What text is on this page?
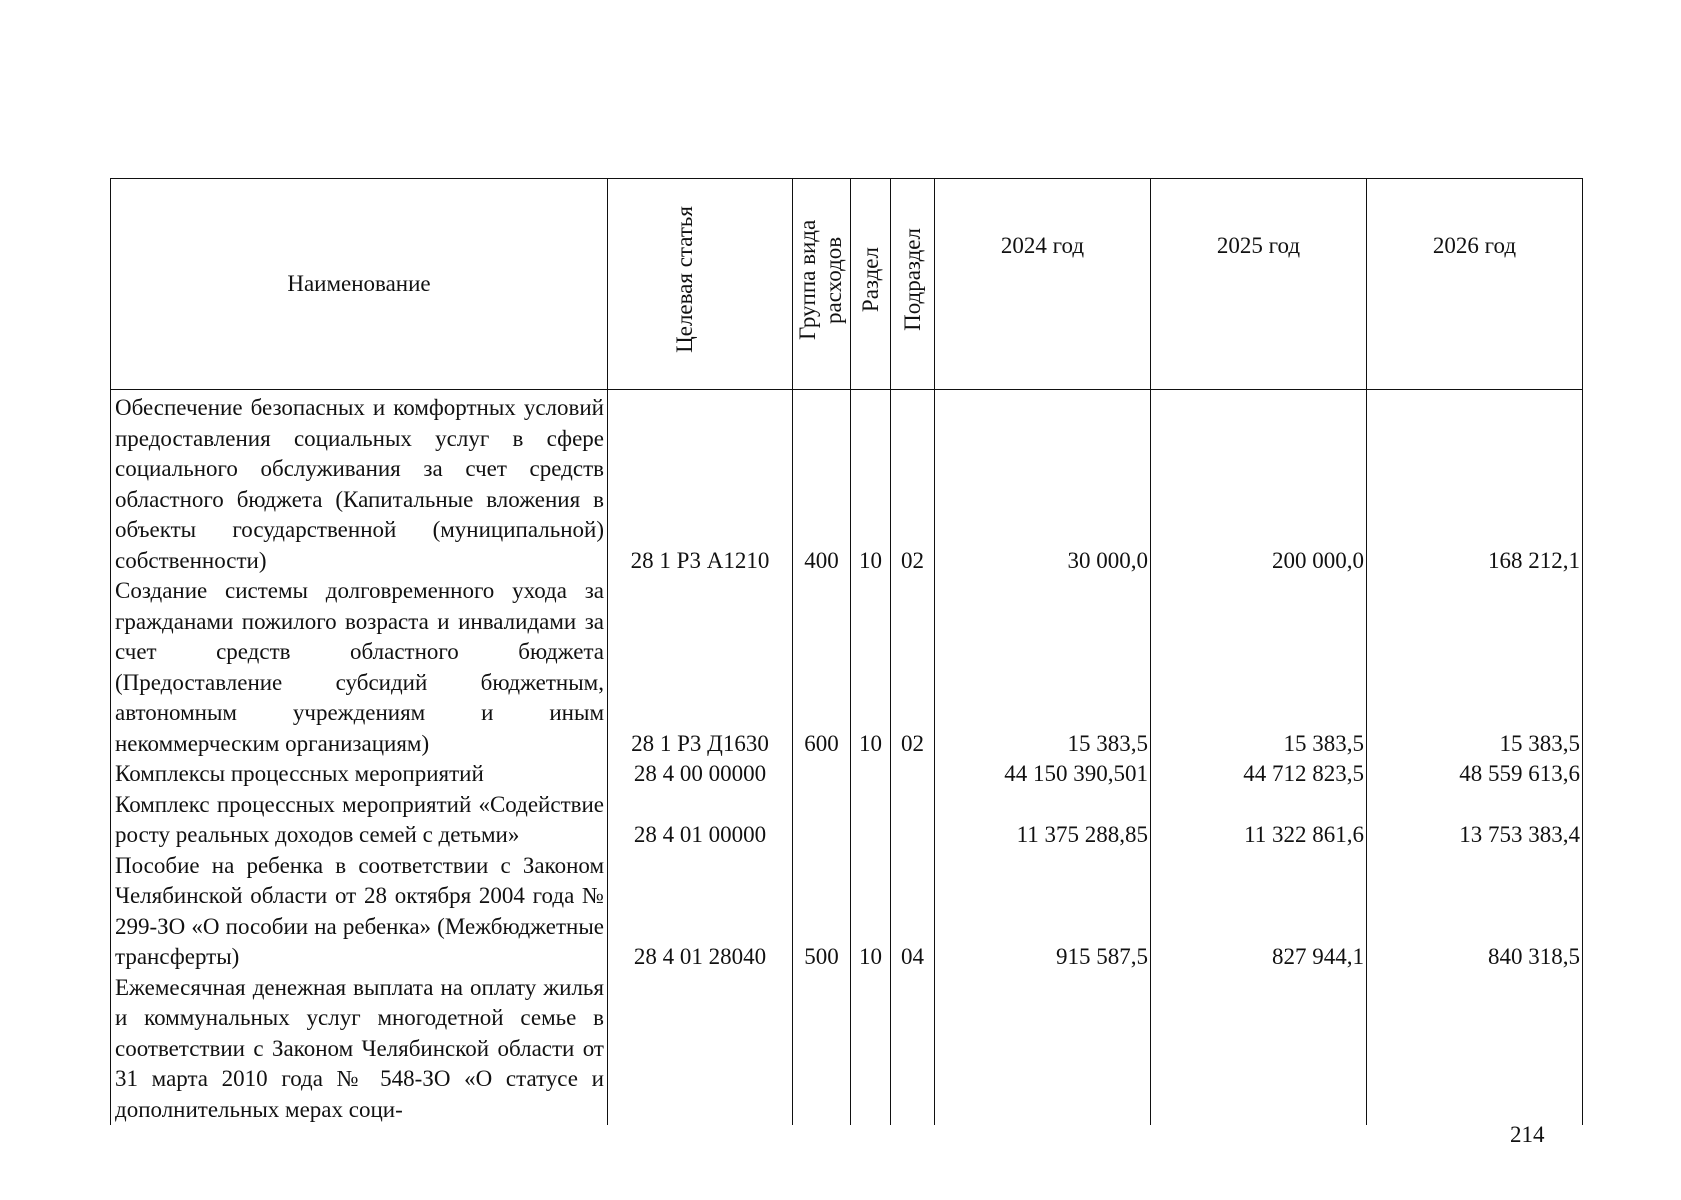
Наименование	Целевая статья	Группа вида расходов	Раздел	Подраздел	2024 год	2025 год	2026 год
Обеспечение безопасных и комфортных условий предоставления социальных услуг в сфере социального обслуживания за счет средств областного бюджета (Капитальные вложения в объекты государственной (муниципальной) собственности)	28 1 Р3 А1210	400	10	02	30 000,0	200 000,0	168 212,1
Создание системы долговременного ухода за гражданами пожилого возраста и инвалидами за счет средств областного бюджета (Предоставление субсидий бюджетным, автономным учреждениям и иным некоммерческим организациям)	28 1 Р3 Д1630	600	10	02	15 383,5	15 383,5	15 383,5
Комплексы процессных мероприятий	28 4 00 00000				44 150 390,501	44 712 823,5	48 559 613,6
Комплекс процессных мероприятий «Содействие росту реальных доходов семей с детьми»	28 4 01 00000				11 375 288,85	11 322 861,6	13 753 383,4
Пособие на ребенка в соответствии с Законом Челябинской области от 28 октября 2004 года № 299-ЗО «О пособии на ребенка» (Межбюджетные трансферты)	28 4 01 28040	500	10	04	915 587,5	827 944,1	840 318,5
Ежемесячная денежная выплата на оплату жилья и коммунальных услуг многодетной семье в соответствии с Законом Челябинской области от 31 марта 2010 года № 548-ЗО «О статусе и дополнительных мерах соци-							
214
